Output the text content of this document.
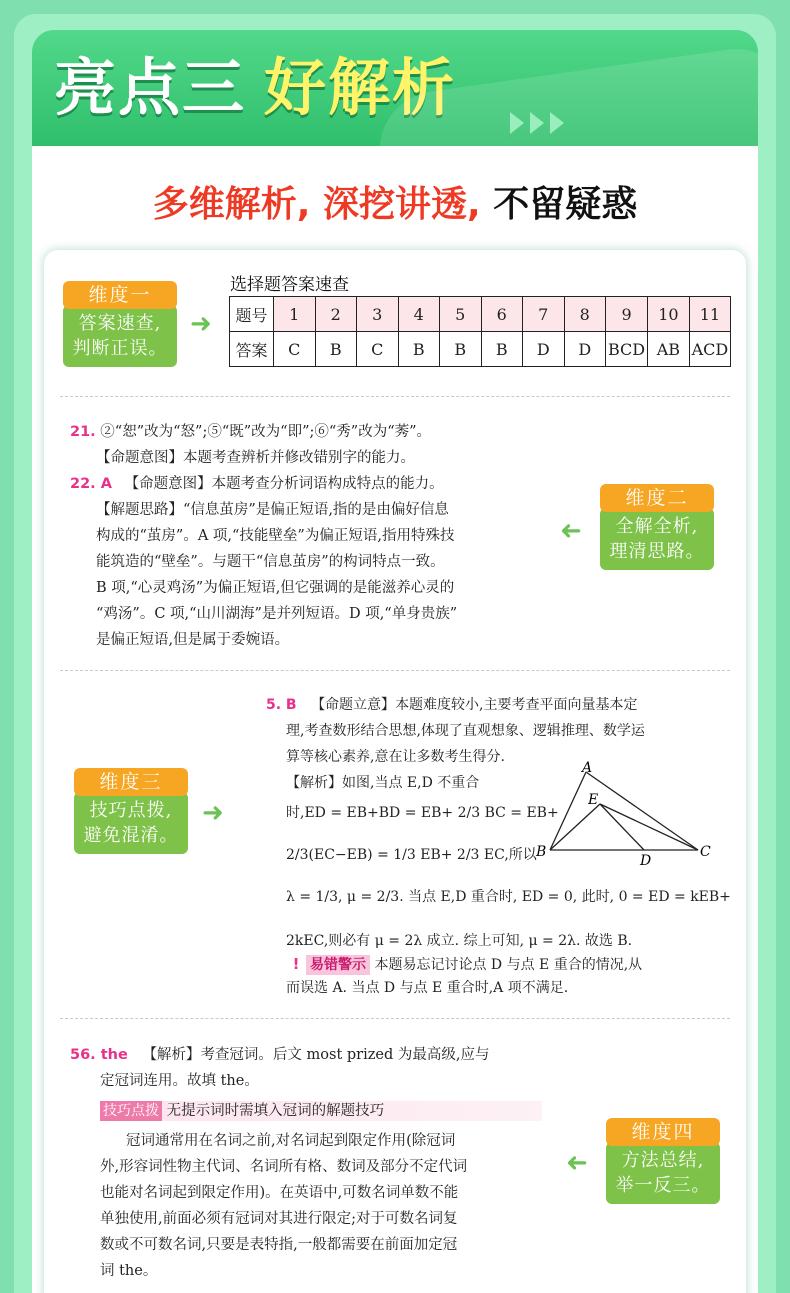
亮点三 好解析
多维解析, 深挖讲透, 不留疑惑
维度一
答案速查,
判断正误。
➜
选择题答案速查
题号	1	2	3	4	5	6	7	8	9	10	11
答案	C	B	C	B	B	B	D	D	BCD	AB	ACD
21. ②“恕”改为“怒”;⑤“既”改为“即”;⑥“秀”改为“莠”。
【命题意图】本题考查辨析并修改错别字的能力。
22. A 【命题意图】本题考查分析词语构成特点的能力。
【解题思路】“信息茧房”是偏正短语,指的是由偏好信息
构成的“茧房”。A 项,“技能壁垒”为偏正短语,指用特殊技
能筑造的“壁垒”。与题干“信息茧房”的构词特点一致。
B 项,“心灵鸡汤”为偏正短语,但它强调的是能滋养心灵的
“鸡汤”。C 项,“山川湖海”是并列短语。D 项,“单身贵族”
是偏正短语,但是属于委婉语。
➜
维度二
全解全析,
理清思路。
维度三
技巧点拨,
避免混淆。
➜
5. B 【命题立意】本题难度较小,主要考查平面向量基本定
理,考查数形结合思想,体现了直观想象、逻辑推理、数学运
算等核心素养,意在让多数考生得分.
【解析】如图,当点 E,D 不重合
时,ED = EB+BD = EB+ 2/3 BC = EB+
2/3(EC−EB) = 1/3 EB+ 2/3 EC,所以
λ = 1/3, μ = 2/3. 当点 E,D 重合时, ED = 0, 此时, 0 = ED = kEB+
2kEC,则必有 μ = 2λ 成立. 综上可知, μ = 2λ. 故选 B.
! 易错警示 本题易忘记讨论点 D 与点 E 重合的情况,从
而误选 A. 当点 D 与点 E 重合时,A 项不满足.
A
B	C
D
E
56. the 【解析】考查冠词。后文 most prized 为最高级,应与
定冠词连用。故填 the。
技巧点拨 无提示词时需填入冠词的解题技巧
冠词通常用在名词之前,对名词起到限定作用(除冠词
外,形容词性物主代词、名词所有格、数词及部分不定代词
也能对名词起到限定作用)。在英语中,可数名词单数不能
单独使用,前面必须有冠词对其进行限定;对于可数名词复
数或不可数名词,只要是表特指,一般都需要在前面加定冠
词 the。
➜
维度四
方法总结,
举一反三。
